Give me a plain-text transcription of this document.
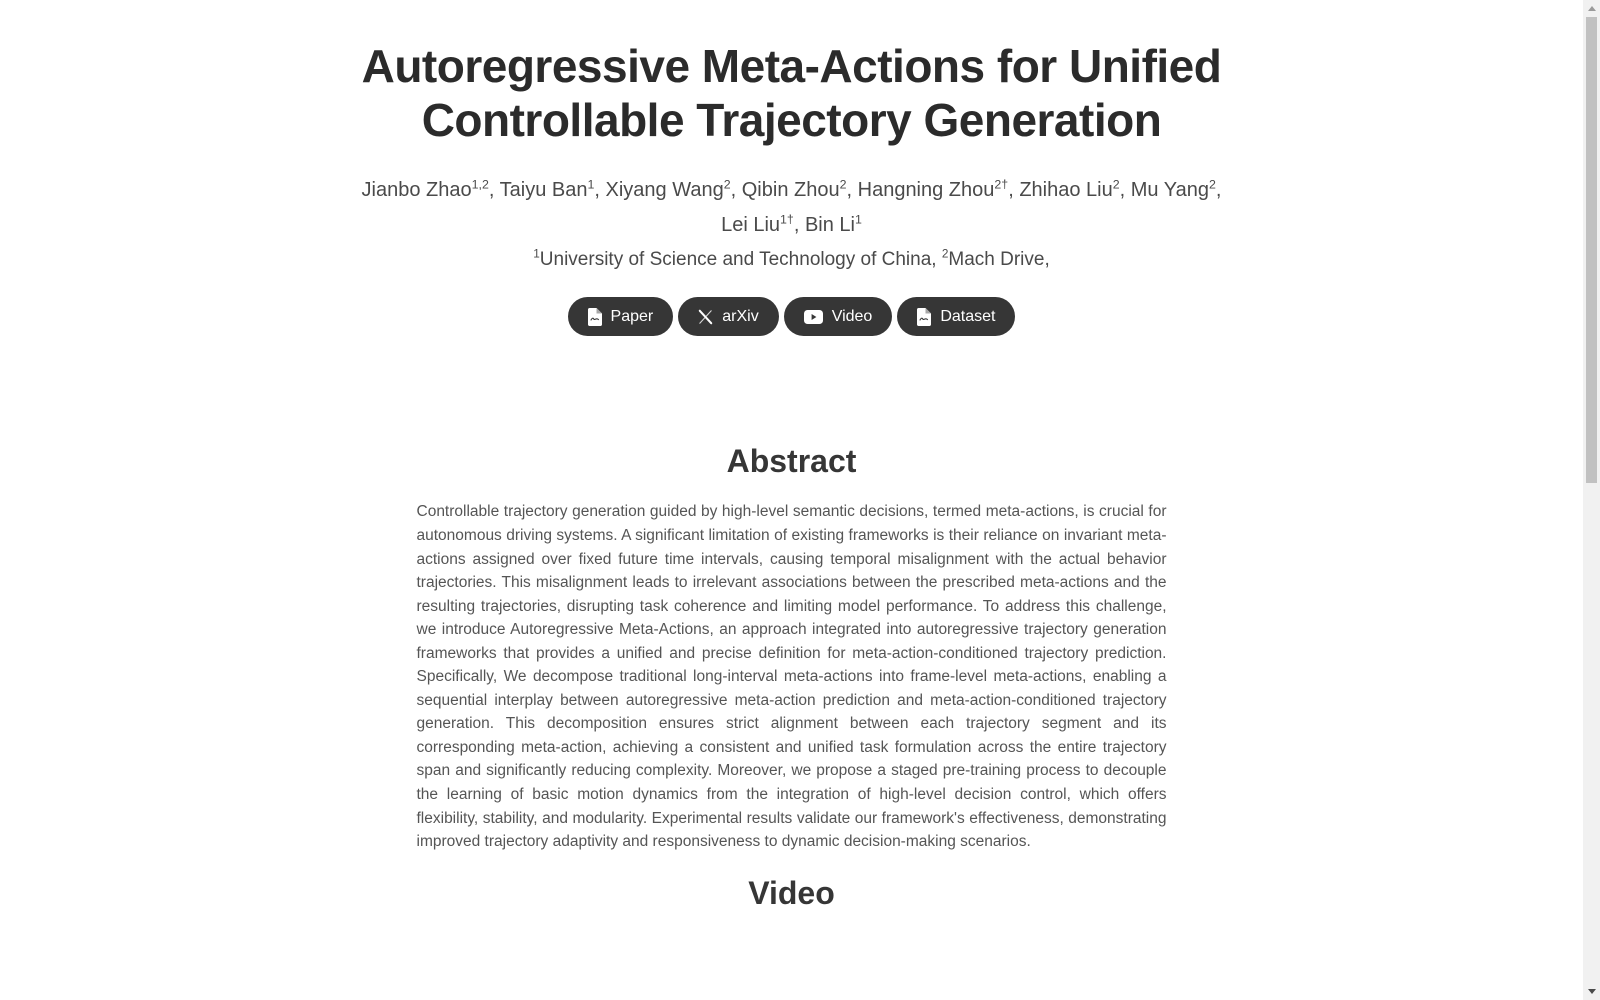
Autoregressive Meta-Actions for Unified
Controllable Trajectory Generation
Jianbo Zhao$^{1,2}$, Taiyu Ban$^1$, Xiyang Wang$^2$, Qibin Zhou$^2$, Hangning Zhou$^{2\dagger}$, Zhihao Liu$^2$, Mu Yang$^2$, Lei Liu$^{1\dagger}$, Bin Li$^1$
$^1$University of Science and Technology of China, $^2$Mach Drive,
Paper	arXiv	Video	Dataset
Abstract

Controllable trajectory generation guided by high-level semantic decisions, termed meta-actions, is crucial for autonomous driving systems. A significant limitation of existing frameworks is their reliance on invariant meta-actions assigned over fixed future time intervals, causing temporal misalignment with the actual behavior trajectories. This misalignment leads to irrelevant associations between the prescribed meta-actions and the resulting trajectories, disrupting task coherence and limiting model performance. To address this challenge, we introduce Autoregressive Meta-Actions, an approach integrated into autoregressive trajectory generation frameworks that provides a unified and precise definition for meta-action-conditioned trajectory prediction. Specifically, We decompose traditional long-interval meta-actions into frame-level meta-actions, enabling a sequential interplay between autoregressive meta-action prediction and meta-action-conditioned trajectory generation. This decomposition ensures strict alignment between each trajectory segment and its corresponding meta-action, achieving a consistent and unified task formulation across the entire trajectory span and significantly reducing complexity. Moreover, we propose a staged pre-training process to decouple the learning of basic motion dynamics from the integration of high-level decision control, which offers flexibility, stability, and modularity. Experimental results validate our framework's effectiveness, demonstrating improved trajectory adaptivity and responsiveness to dynamic decision-making scenarios.

Video
